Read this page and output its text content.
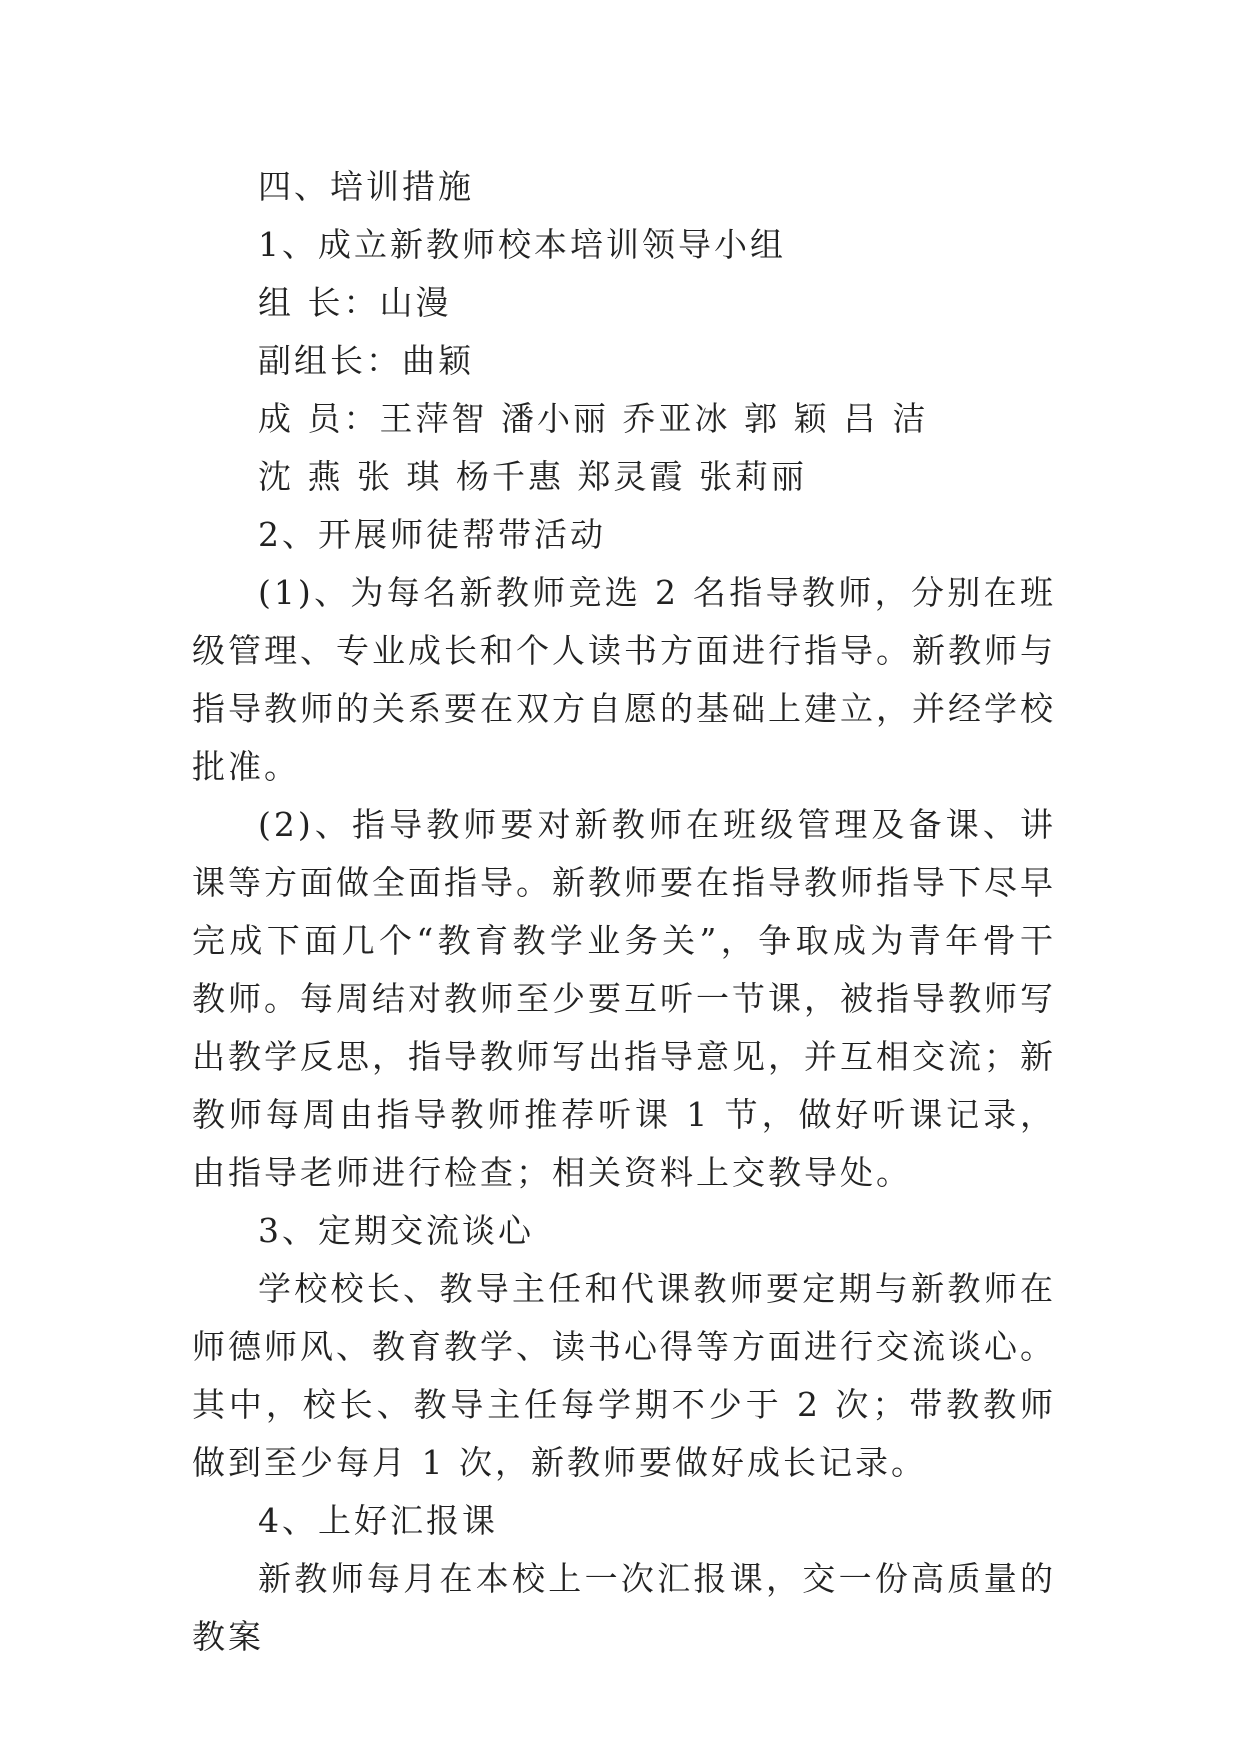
四、培训措施

1、成立新教师校本培训领导小组

组 长：山漫

副组长：曲颖

成 员：王萍智 潘小丽 乔亚冰 郭 颖 吕 洁

沈 燕 张 琪 杨千惠 郑灵霞 张莉丽

2、开展师徒帮带活动

(1)、为每名新教师竞选 2 名指导教师，分别在班级管理、专业成长和个人读书方面进行指导。新教师与指导教师的关系要在双方自愿的基础上建立，并经学校批准。

(2)、指导教师要对新教师在班级管理及备课、讲课等方面做全面指导。新教师要在指导教师指导下尽早完成下面几个“教育教学业务关”，争取成为青年骨干教师。每周结对教师至少要互听一节课，被指导教师写出教学反思，指导教师写出指导意见，并互相交流；新教师每周由指导教师推荐听课 1 节，做好听课记录，由指导老师进行检查；相关资料上交教导处。

3、定期交流谈心

学校校长、教导主任和代课教师要定期与新教师在师德师风、教育教学、读书心得等方面进行交流谈心。其中，校长、教导主任每学期不少于 2 次；带教教师做到至少每月 1 次，新教师要做好成长记录。

4、上好汇报课

新教师每月在本校上一次汇报课，交一份高质量的教案
